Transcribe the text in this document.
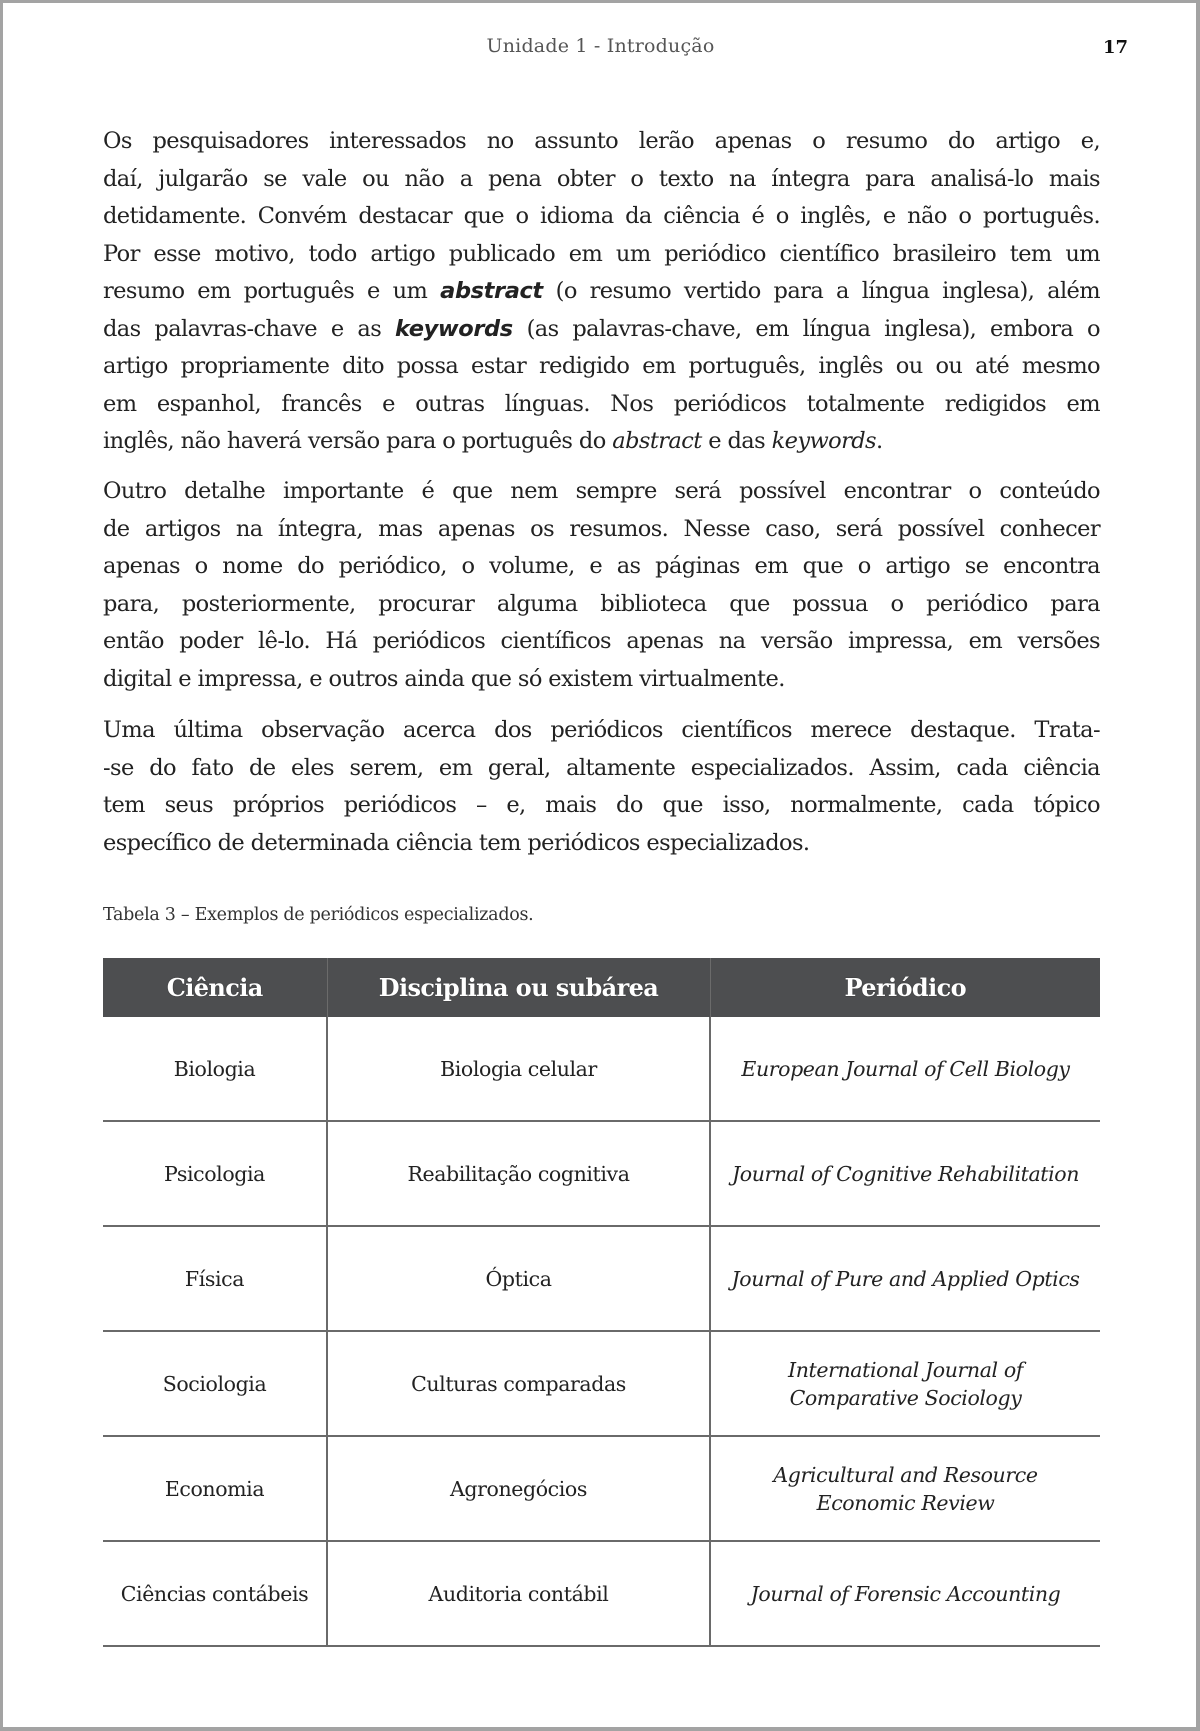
Unidade 1 - Introdução	17
Os pesquisadores interessados no assunto lerão apenas o resumo do artigo e,
daí, julgarão se vale ou não a pena obter o texto na íntegra para analisá-lo mais
detidamente. Convém destacar que o idioma da ciência é o inglês, e não o português.
Por esse motivo, todo artigo publicado em um periódico científico brasileiro tem um
resumo em português e um abstract (o resumo vertido para a língua inglesa), além
das palavras-chave e as keywords (as palavras-chave, em língua inglesa), embora o
artigo propriamente dito possa estar redigido em português, inglês ou ou até mesmo
em espanhol, francês e outras línguas. Nos periódicos totalmente redigidos em
inglês, não haverá versão para o português do abstract e das keywords.
Outro detalhe importante é que nem sempre será possível encontrar o conteúdo
de artigos na íntegra, mas apenas os resumos. Nesse caso, será possível conhecer
apenas o nome do periódico, o volume, e as páginas em que o artigo se encontra
para, posteriormente, procurar alguma biblioteca que possua o periódico para
então poder lê-lo. Há periódicos científicos apenas na versão impressa, em versões
digital e impressa, e outros ainda que só existem virtualmente.
Uma última observação acerca dos periódicos científicos merece destaque. Trata-
-se do fato de eles serem, em geral, altamente especializados. Assim, cada ciência
tem seus próprios periódicos – e, mais do que isso, normalmente, cada tópico
específico de determinada ciência tem periódicos especializados.
Tabela 3 – Exemplos de periódicos especializados.
Ciência	Disciplina ou subárea	Periódico
Biologia	Biologia celular	European Journal of Cell Biology
Psicologia	Reabilitação cognitiva	Journal of Cognitive Rehabilitation
Física	Óptica	Journal of Pure and Applied Optics
Sociologia	Culturas comparadas	International Journal of Comparative Sociology
Economia	Agronegócios	Agricultural and Resource Economic Review
Ciências contábeis	Auditoria contábil	Journal of Forensic Accounting
